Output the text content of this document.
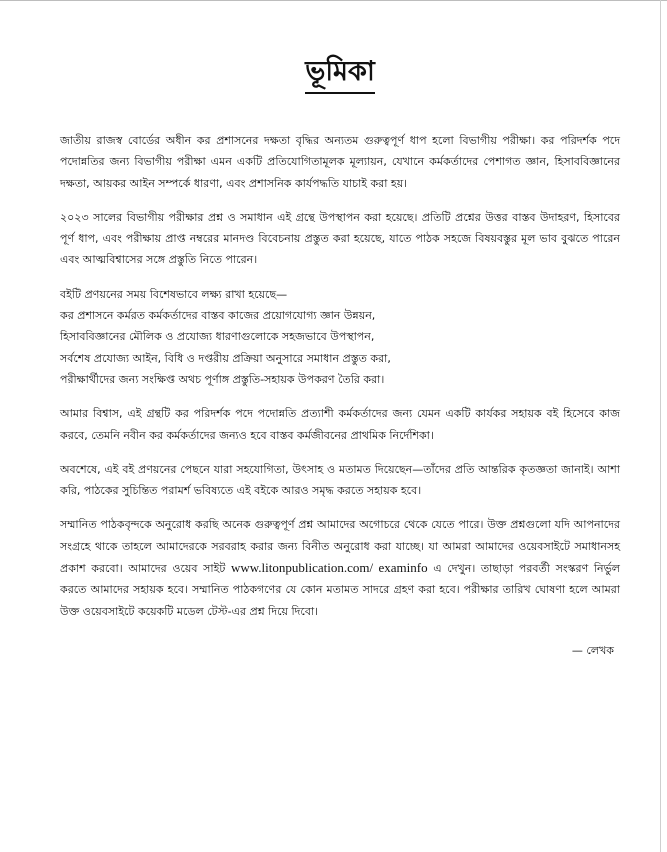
ভূমিকা

জাতীয় রাজস্ব বোর্ডের অধীন কর প্রশাসনের দক্ষতা বৃদ্ধির অন্যতম গুরুত্বপূর্ণ ধাপ হলো বিভাগীয় পরীক্ষা। কর পরিদর্শক পদে পদোন্নতির জন্য বিভাগীয় পরীক্ষা এমন একটি প্রতিযোগিতামূলক মূল্যায়ন, যেখানে কর্মকর্তাদের পেশাগত জ্ঞান, হিসাববিজ্ঞানের দক্ষতা, আয়কর আইন সম্পর্কে ধারণা, এবং প্রশাসনিক কার্যপদ্ধতি যাচাই করা হয়।

২০২৩ সালের বিভাগীয় পরীক্ষার প্রশ্ন ও সমাধান এই গ্রন্থে উপস্থাপন করা হয়েছে। প্রতিটি প্রশ্নের উত্তর বাস্তব উদাহরণ, হিসাবের পূর্ণ ধাপ, এবং পরীক্ষায় প্রাপ্ত নম্বরের মানদণ্ড বিবেচনায় প্রস্তুত করা হয়েছে, যাতে পাঠক সহজে বিষয়বস্তুর মূল ভাব বুঝতে পারেন এবং আত্মবিশ্বাসের সঙ্গে প্রস্তুতি নিতে পারেন।

বইটি প্রণয়নের সময় বিশেষভাবে লক্ষ্য রাখা হয়েছে—
কর প্রশাসনে কর্মরত কর্মকর্তাদের বাস্তব কাজের প্রয়োগযোগ্য জ্ঞান উন্নয়ন,
হিসাববিজ্ঞানের মৌলিক ও প্রযোজ্য ধারণাগুলোকে সহজভাবে উপস্থাপন,
সর্বশেষ প্রযোজ্য আইন, বিধি ও দপ্তরীয় প্রক্রিয়া অনুসারে সমাধান প্রস্তুত করা,
পরীক্ষার্থীদের জন্য সংক্ষিপ্ত অথচ পূর্ণাঙ্গ প্রস্তুতি-সহায়ক উপকরণ তৈরি করা।

আমার বিশ্বাস, এই গ্রন্থটি কর পরিদর্শক পদে পদোন্নতি প্রত্যাশী কর্মকর্তাদের জন্য যেমন একটি কার্যকর সহায়ক বই হিসেবে কাজ করবে, তেমনি নবীন কর কর্মকর্তাদের জন্যও হবে বাস্তব কর্মজীবনের প্রাথমিক নির্দেশিকা।

অবশেষে, এই বই প্রণয়নের পেছনে যারা সহযোগিতা, উৎসাহ ও মতামত দিয়েছেন—তাঁদের প্রতি আন্তরিক কৃতজ্ঞতা জানাই। আশা করি, পাঠকের সুচিন্তিত পরামর্শ ভবিষ্যতে এই বইকে আরও সমৃদ্ধ করতে সহায়ক হবে।

সম্মানিত পাঠকবৃন্দকে অনুরোধ করছি অনেক গুরুত্বপূর্ণ প্রশ্ন আমাদের অগোচরে থেকে যেতে পারে। উক্ত প্রশ্নগুলো যদি আপনাদের সংগ্রহে থাকে তাহলে আমাদেরকে সরবরাহ করার জন্য বিনীত অনুরোধ করা যাচ্ছে। যা আমরা আমাদের ওয়েবসাইটে সমাধানসহ প্রকাশ করবো। আমাদের ওয়েব সাইট www.litonpublication.com/ examinfo এ দেখুন। তাছাড়া পরবর্তী সংস্করণ নির্ভুল করতে আমাদের সহায়ক হবে। সম্মানিত পাঠকগণের যে কোন মতামত সাদরে গ্রহণ করা হবে। পরীক্ষার তারিখ ঘোষণা হলে আমরা উক্ত ওয়েবসাইটে কয়েকটি মডেল টেস্ট-এর প্রশ্ন দিয়ে দিবো।

— লেখক
